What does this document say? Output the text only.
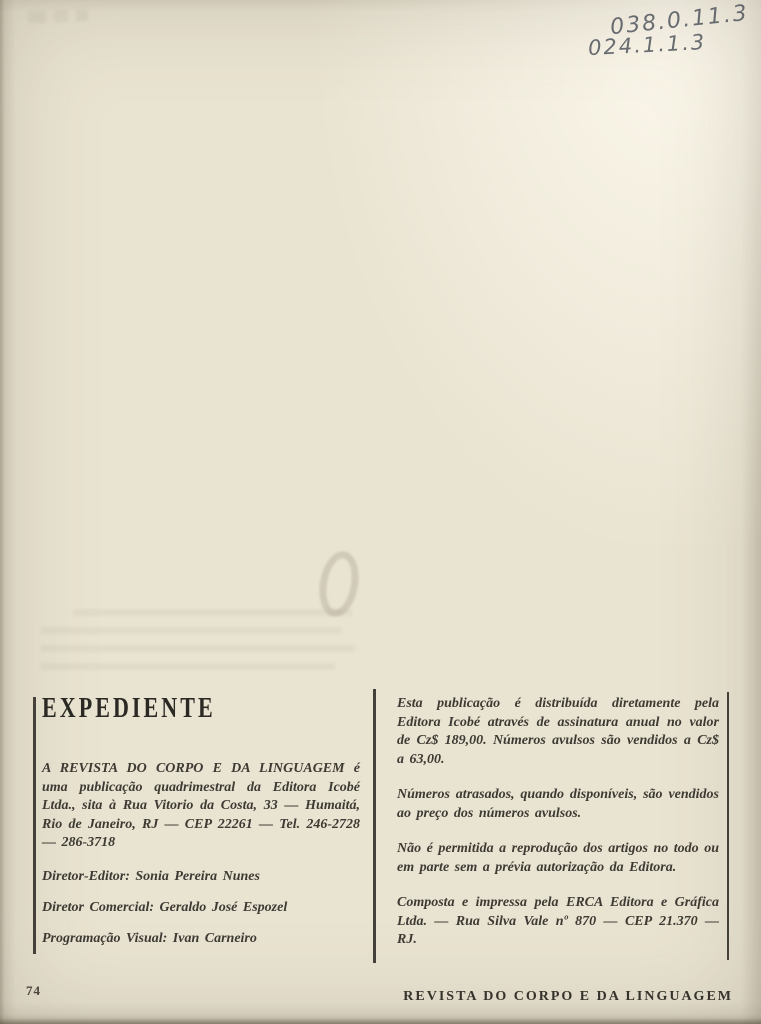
038.0.11.3
024.1.1.3
EXPEDIENTE

A REVISTA DO CORPO E DA LINGUAGEM é uma publicação quadrimestral da Editora Icobé Ltda., sita à Rua Vitorio da Costa, 33 — Humaitá, Rio de Janeiro, RJ — CEP 22261 — Tel. 246-2728 — 286-3718

Diretor-Editor: Sonia Pereira Nunes

Diretor Comercial: Geraldo José Espozel

Programação Visual: Ivan Carneiro

Esta publicação é distribuída diretamente pela Editora Icobé através de assinatura anual no valor de Cz$ 189,00. Números avulsos são vendidos a Cz$ a 63,00.

Números atrasados, quando disponíveis, são vendidos ao preço dos números avulsos.

Não é permitida a reprodução dos artigos no todo ou em parte sem a prévia autorização da Editora.

Composta e impressa pela ERCA Editora e Gráfica Ltda. — Rua Silva Vale nº 870 — CEP 21.370 — RJ.

74	REVISTA DO CORPO E DA LINGUAGEM
